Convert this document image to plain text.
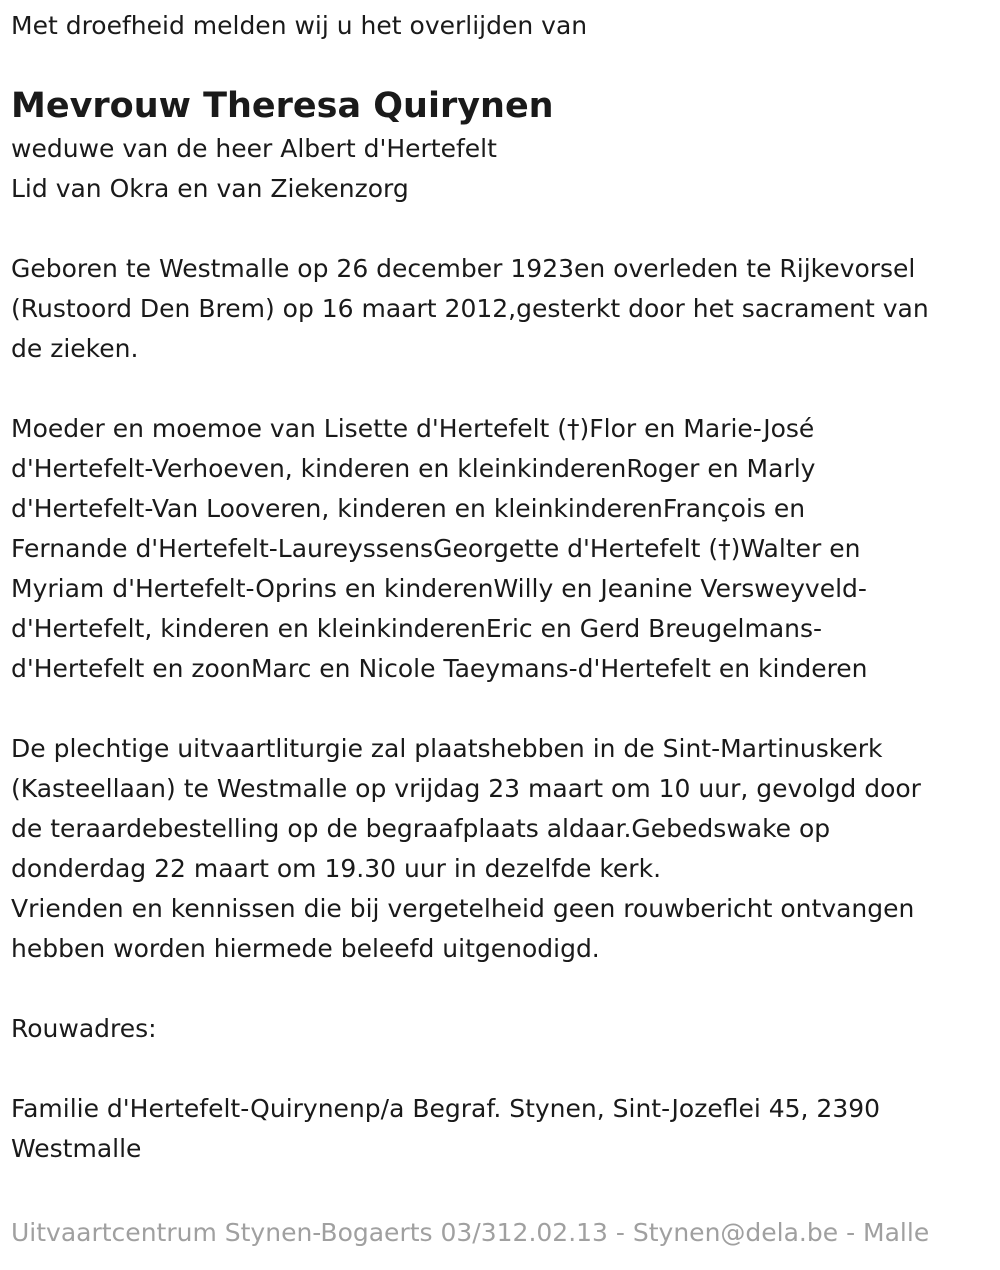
Met droefheid melden wij u het overlijden van

Mevrouw Theresa Quirynen

weduwe van de heer Albert d'Hertefelt

Lid van Okra en van Ziekenzorg

Geboren te Westmalle op 26 december 1923en overleden te Rijkevorsel

(Rustoord Den Brem) op 16 maart 2012,gesterkt door het sacrament van

de zieken.

Moeder en moemoe van Lisette d'Hertefelt (†)Flor en Marie-José

d'Hertefelt-Verhoeven, kinderen en kleinkinderenRoger en Marly

d'Hertefelt-Van Looveren, kinderen en kleinkinderenFrançois en

Fernande d'Hertefelt-LaureyssensGeorgette d'Hertefelt (†)Walter en

Myriam d'Hertefelt-Oprins en kinderenWilly en Jeanine Versweyveld-

d'Hertefelt, kinderen en kleinkinderenEric en Gerd Breugelmans-

d'Hertefelt en zoonMarc en Nicole Taeymans-d'Hertefelt en kinderen

De plechtige uitvaartliturgie zal plaatshebben in de Sint-Martinuskerk

(Kasteellaan) te Westmalle op vrijdag 23 maart om 10 uur, gevolgd door

de teraardebestelling op de begraafplaats aldaar.Gebedswake op

donderdag 22 maart om 19.30 uur in dezelfde kerk.

Vrienden en kennissen die bij vergetelheid geen rouwbericht ontvangen

hebben worden hiermede beleefd uitgenodigd.

Rouwadres:

Familie d'Hertefelt-Quirynenp/a Begraf. Stynen, Sint-Jozeflei 45, 2390

Westmalle

Uitvaartcentrum Stynen-Bogaerts 03/312.02.13 - Stynen@dela.be - Malle
